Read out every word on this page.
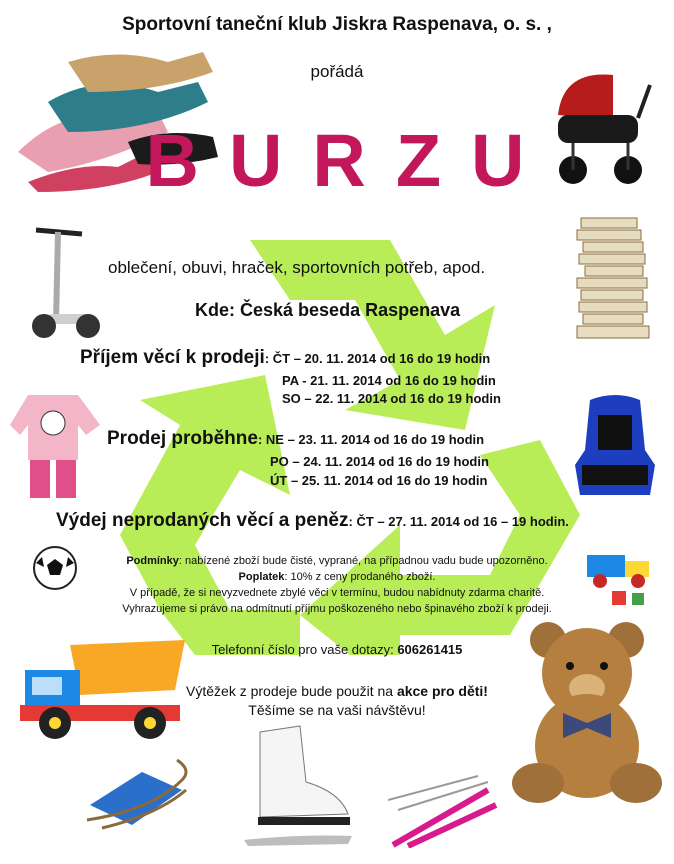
Sportovní taneční klub Jiskra Raspenava, o. s. ,
pořádá
BURZU
oblečení, obuvi, hraček, sportovních potřeb, apod.
Kde: Česká beseda Raspenava
Příjem věcí k prodeji: ČT – 20. 11. 2014 od 16 do 19 hodin
PA - 21. 11. 2014 od 16 do 19 hodin
SO – 22. 11. 2014 od 16 do 19 hodin
Prodej proběhne: NE – 23. 11. 2014 od 16 do 19 hodin
PO – 24. 11. 2014 od 16 do 19 hodin
ÚT – 25. 11. 2014 od 16 do 19 hodin
Výdej neprodaných věcí a peněz: ČT – 27. 11. 2014 od 16 – 19 hodin.
Podmínky: nabízené zboží bude čisté, vyprané, na případnou vadu bude upozorněno.
Poplatek: 10% z ceny prodaného zboží.
V případě, že si nevyzvednete zbylé věci v termínu, budou nabídnuty zdarma charitě.
Vyhrazujeme si právo na odmítnutí příjmu poškozeného nebo špinavého zboží k prodeji.
Telefonní číslo pro vaše dotazy: 606261415
Výtěžek z prodeje bude použit na akce pro děti!
Těšíme se na vaši návštěvu!
